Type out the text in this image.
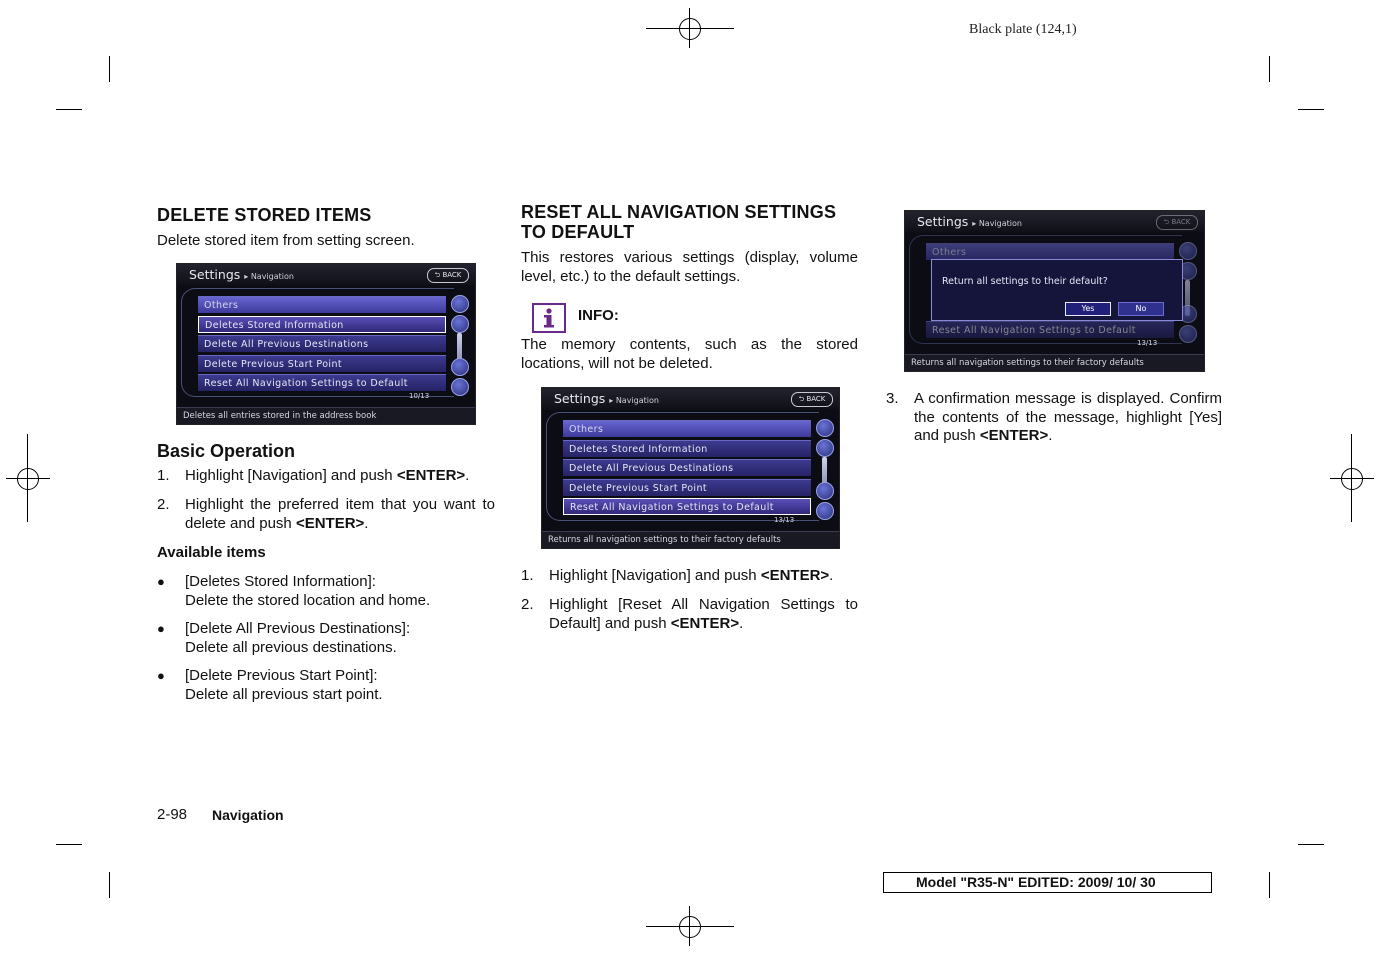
Black plate (124,1)
DELETE STORED ITEMS

Delete stored item from setting screen.

Settings ▸ Navigation	⮌ BACK
Others
Deletes Stored Information
Delete All Previous Destinations
Delete Previous Start Point
Reset All Navigation Settings to Default
10/13
Deletes all entries stored in the address book
Basic Operation
1. Highlight [Navigation] and push <ENTER>.
2. Highlight the preferred item that you want to delete and push <ENTER>.
Available items
● [Deletes Stored Information]:
Delete the stored location and home.
● [Delete All Previous Destinations]:
Delete all previous destinations.
● [Delete Previous Start Point]:
Delete all previous start point.
RESET ALL NAVIGATION SETTINGS
TO DEFAULT

This restores various settings (display, volume level, etc.) to the default settings.

INFO:

The memory contents, such as the stored locations, will not be deleted.

Settings ▸ Navigation	⮌ BACK
Others
Deletes Stored Information
Delete All Previous Destinations
Delete Previous Start Point
Reset All Navigation Settings to Default
13/13
Returns all navigation settings to their factory defaults
1. Highlight [Navigation] and push <ENTER>.
2. Highlight [Reset All Navigation Settings to Default] and push <ENTER>.
Settings ▸ Navigation	⮌ BACK
Others
Reset All Navigation Settings to Default
Return all settings to their default?
Yes	No
13/13
Returns all navigation settings to their factory defaults
3. A confirmation message is displayed. Confirm the contents of the message, highlight [Yes] and push <ENTER>.
2-98 Navigation
Model "R35-N" EDITED: 2009/ 10/ 30
